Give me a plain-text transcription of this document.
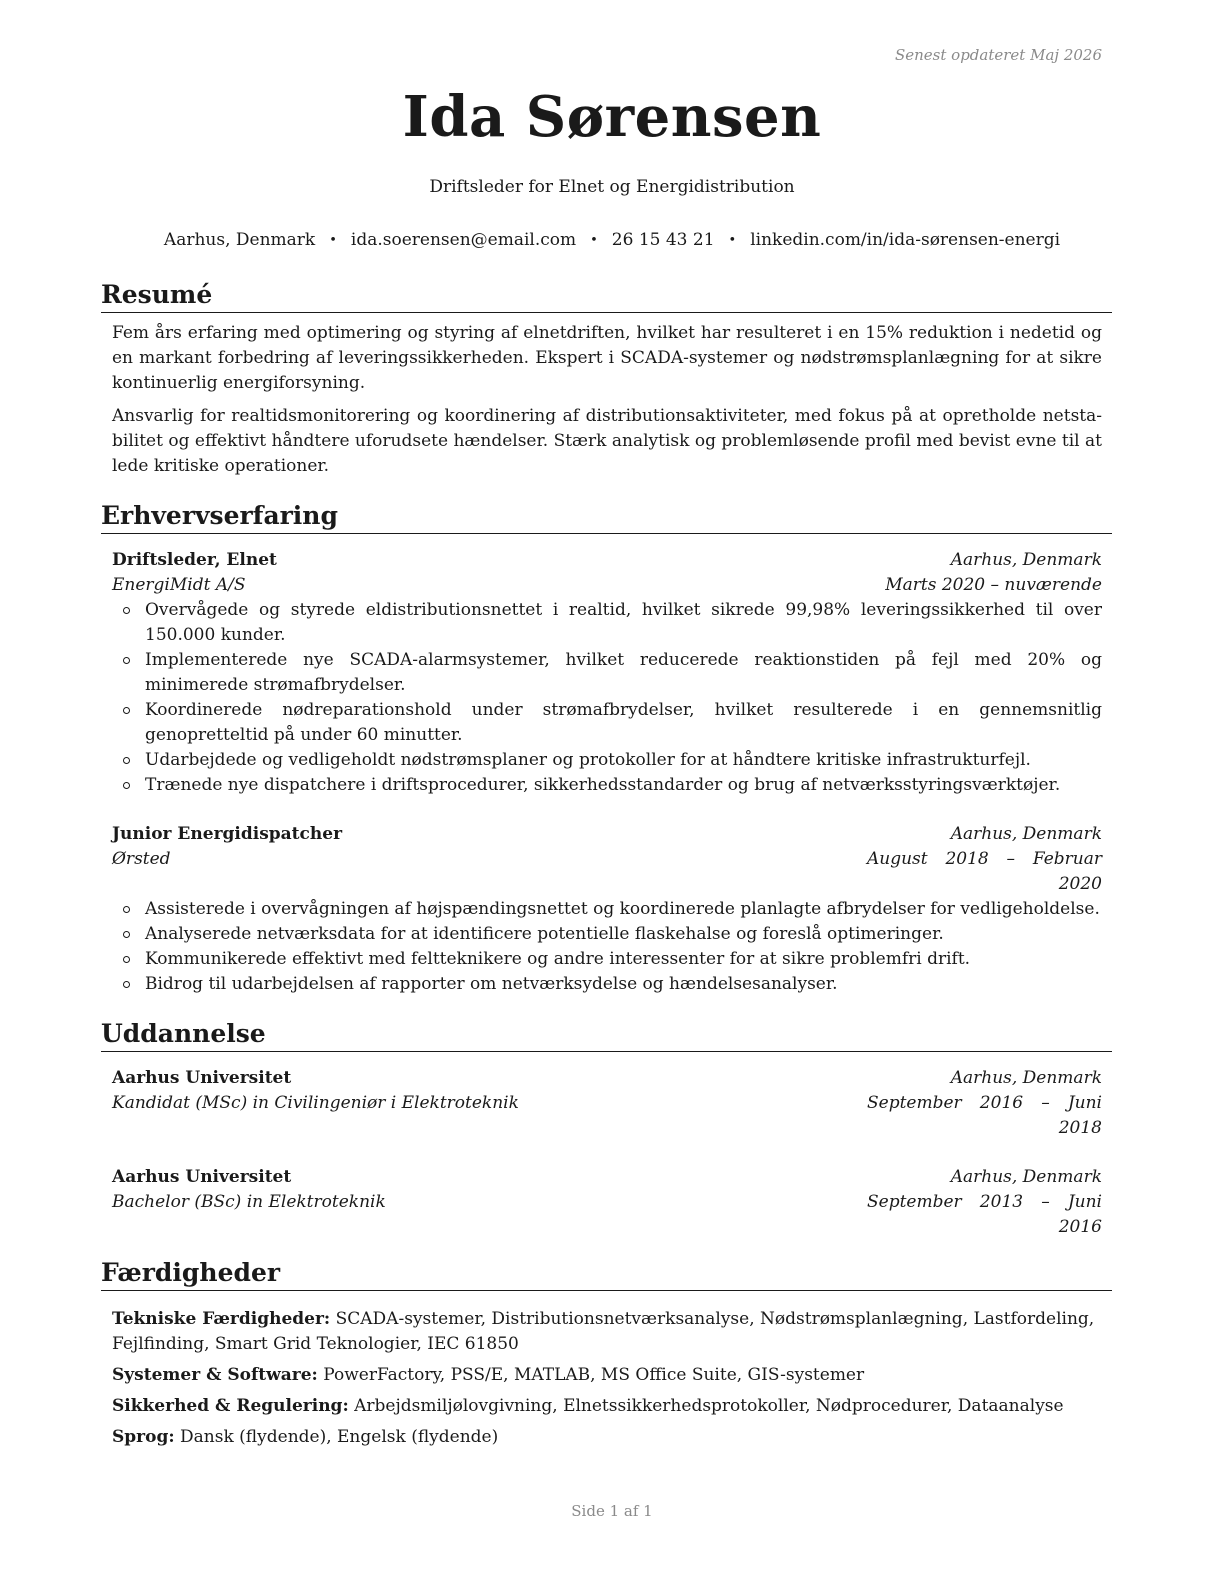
Senest opdateret Maj 2026
Ida Sørensen
Driftsleder for Elnet og Energidistribution
Aarhus, Denmark • ida.soerensen@email.com • 26 15 43 21 • linkedin.com/in/ida-sørensen-energi
Resumé

Fem års erfaring med optimering og styring af elnetdriften, hvilket har resulteret i en 15% reduktion i nedetid og en markant forbedring af leveringssikkerheden. Ekspert i SCADA-systemer og nødstrømsplanlægning for at sikre kontinuerlig energiforsyning.

Ansvarlig for realtidsmonitorering og koordinering af distributionsaktiviteter, med fokus på at opretholde netsta-bilitet og effektivt håndtere uforudsete hændelser. Stærk analytisk og problemløsende profil med bevist evne til at lede kritiske operationer.

Erhvervserfaring
Driftsleder, Elnet	Aarhus, Denmark
EnergiMidt A/S	Marts 2020 – nuværende
Overvågede og styrede eldistributionsnettet i realtid, hvilket sikrede 99,98% leveringssikkerhed til over 150.000 kunder.
Implementerede nye SCADA-alarmsystemer, hvilket reducerede reaktionstiden på fejl med 20% og minimerede strømafbrydelser.
Koordinerede nødreparationshold under strømafbrydelser, hvilket resulterede i en gennemsnitlig genopretteltid på under 60 minutter.
Udarbejdede og vedligeholdt nødstrømsplaner og protokoller for at håndtere kritiske infrastrukturfejl.
Trænede nye dispatchere i driftsprocedurer, sikkerhedsstandarder og brug af netværksstyringsværktøjer.
Junior Energidispatcher	Aarhus, Denmark
Ørsted	August 2018 – Februar 2020
Assisterede i overvågningen af højspændingsnettet og koordinerede planlagte afbrydelser for vedligeholdelse.
Analyserede netværksdata for at identificere potentielle flaskehalse og foreslå optimeringer.
Kommunikerede effektivt med feltteknikere og andre interessenter for at sikre problemfri drift.
Bidrog til udarbejdelsen af rapporter om netværksydelse og hændelsesanalyser.
Uddannelse
Aarhus Universitet	Aarhus, Denmark
Kandidat (MSc) in Civilingeniør i Elektroteknik	September 2016 – Juni 2018
Aarhus Universitet	Aarhus, Denmark
Bachelor (BSc) in Elektroteknik	September 2013 – Juni 2016
Færdigheder
Tekniske Færdigheder: SCADA-systemer, Distributionsnetværksanalyse, Nødstrømsplanlægning, Lastfordeling, Fejlfinding, Smart Grid Teknologier, IEC 61850
Systemer & Software: PowerFactory, PSS/E, MATLAB, MS Office Suite, GIS-systemer
Sikkerhed & Regulering: Arbejdsmiljølovgivning, Elnetssikkerhedsprotokoller, Nødprocedurer, Dataanalyse
Sprog: Dansk (flydende), Engelsk (flydende)
Side 1 af 1
